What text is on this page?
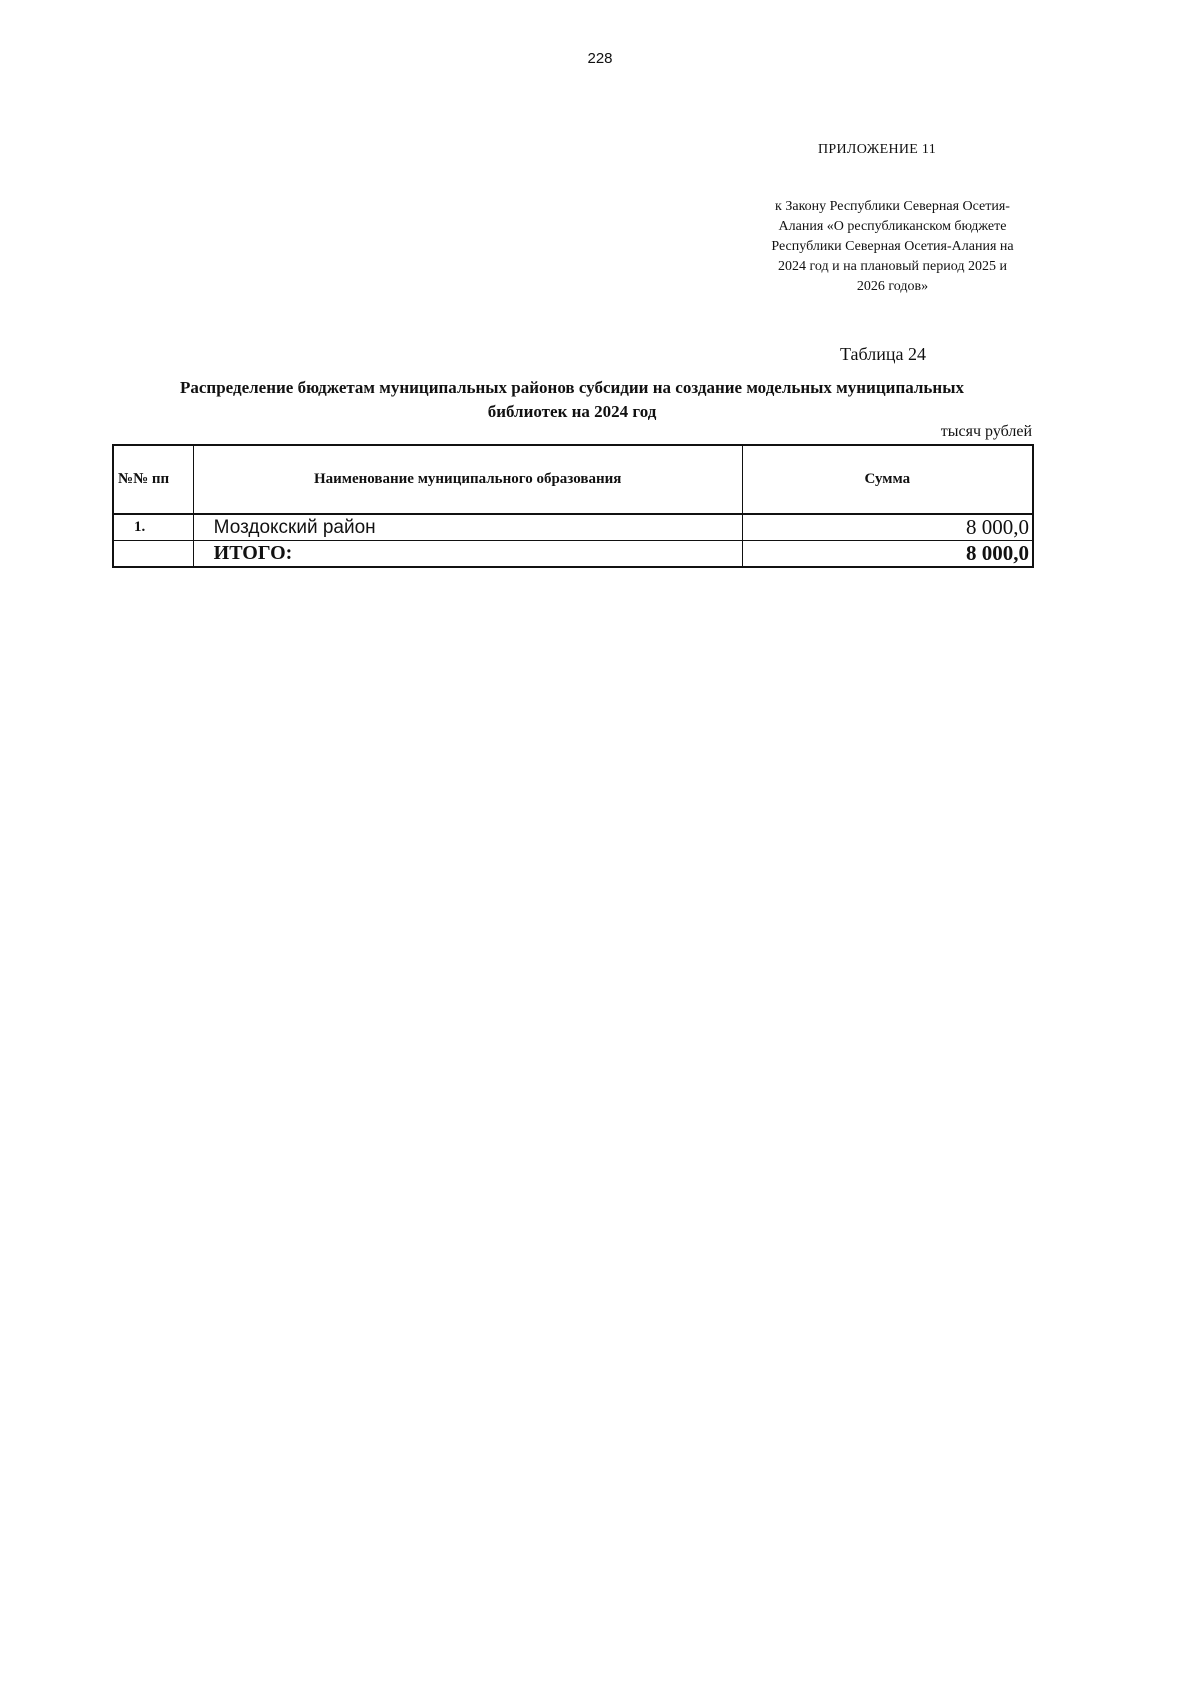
228
ПРИЛОЖЕНИЕ 11
к Закону Республики Северная Осетия-
Алания «О республиканском бюджете
Республики Северная Осетия-Алания на
2024 год и на плановый период 2025 и
2026 годов»
Таблица 24
Распределение бюджетам муниципальных районов субсидии на создание модельных муниципальных
библиотек на 2024 год
тысяч рублей
№№ пп	Наименование муниципального образования	Сумма
1.	Моздокский район	8 000,0
	ИТОГО:	8 000,0
